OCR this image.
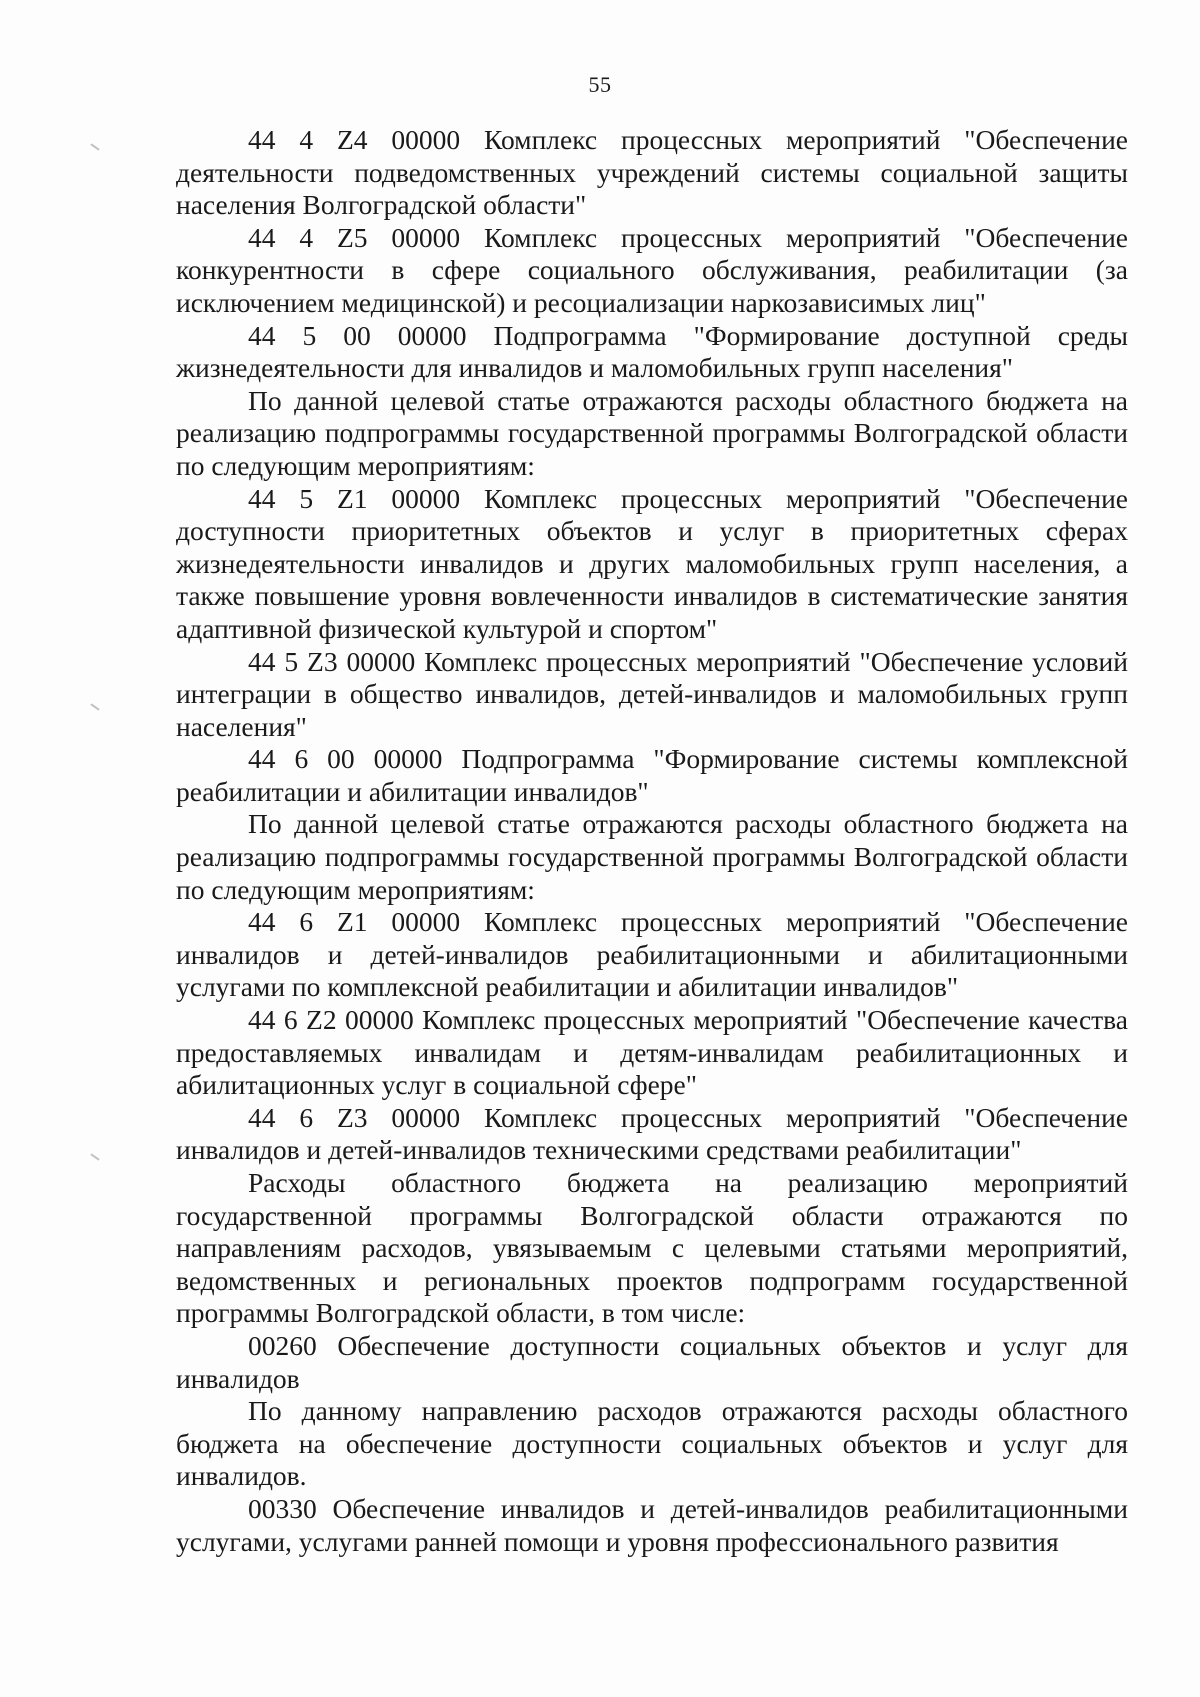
55

44 4 Z4 00000 Комплекс процессных мероприятий "Обеспечение деятельности подведомственных учреждений системы социальной защиты населения Волгоградской области"

44 4 Z5 00000 Комплекс процессных мероприятий "Обеспечение конкурентности в сфере социального обслуживания, реабилитации (за исключением медицинской) и ресоциализации наркозависимых лиц"

44 5 00 00000 Подпрограмма "Формирование доступной среды жизнедеятельности для инвалидов и маломобильных групп населения"

По данной целевой статье отражаются расходы областного бюджета на реализацию подпрограммы государственной программы Волгоградской области по следующим мероприятиям:

44 5 Z1 00000 Комплекс процессных мероприятий "Обеспечение доступности приоритетных объектов и услуг в приоритетных сферах жизнедеятельности инвалидов и других маломобильных групп населения, а также повышение уровня вовлеченности инвалидов в систематические занятия адаптивной физической культурой и спортом"

44 5 Z3 00000 Комплекс процессных мероприятий "Обеспечение условий интеграции в общество инвалидов, детей-инвалидов и маломобильных групп населения"

44 6 00 00000 Подпрограмма "Формирование системы комплексной реабилитации и абилитации инвалидов"

По данной целевой статье отражаются расходы областного бюджета на реализацию подпрограммы государственной программы Волгоградской области по следующим мероприятиям:

44 6 Z1 00000 Комплекс процессных мероприятий "Обеспечение инвалидов и детей-инвалидов реабилитационными и абилитационными услугами по комплексной реабилитации и абилитации инвалидов"

44 6 Z2 00000 Комплекс процессных мероприятий "Обеспечение качества предоставляемых инвалидам и детям-инвалидам реабилитационных и абилитационных услуг в социальной сфере"

44 6 Z3 00000 Комплекс процессных мероприятий "Обеспечение инвалидов и детей-инвалидов техническими средствами реабилитации"

Расходы областного бюджета на реализацию мероприятий государственной программы Волгоградской области отражаются по направлениям расходов, увязываемым с целевыми статьями мероприятий, ведомственных и региональных проектов подпрограмм государственной программы Волгоградской области, в том числе:

00260 Обеспечение доступности социальных объектов и услуг для инвалидов

По данному направлению расходов отражаются расходы областного бюджета на обеспечение доступности социальных объектов и услуг для инвалидов.

00330 Обеспечение инвалидов и детей-инвалидов реабилитационными услугами, услугами ранней помощи и уровня профессионального развития
